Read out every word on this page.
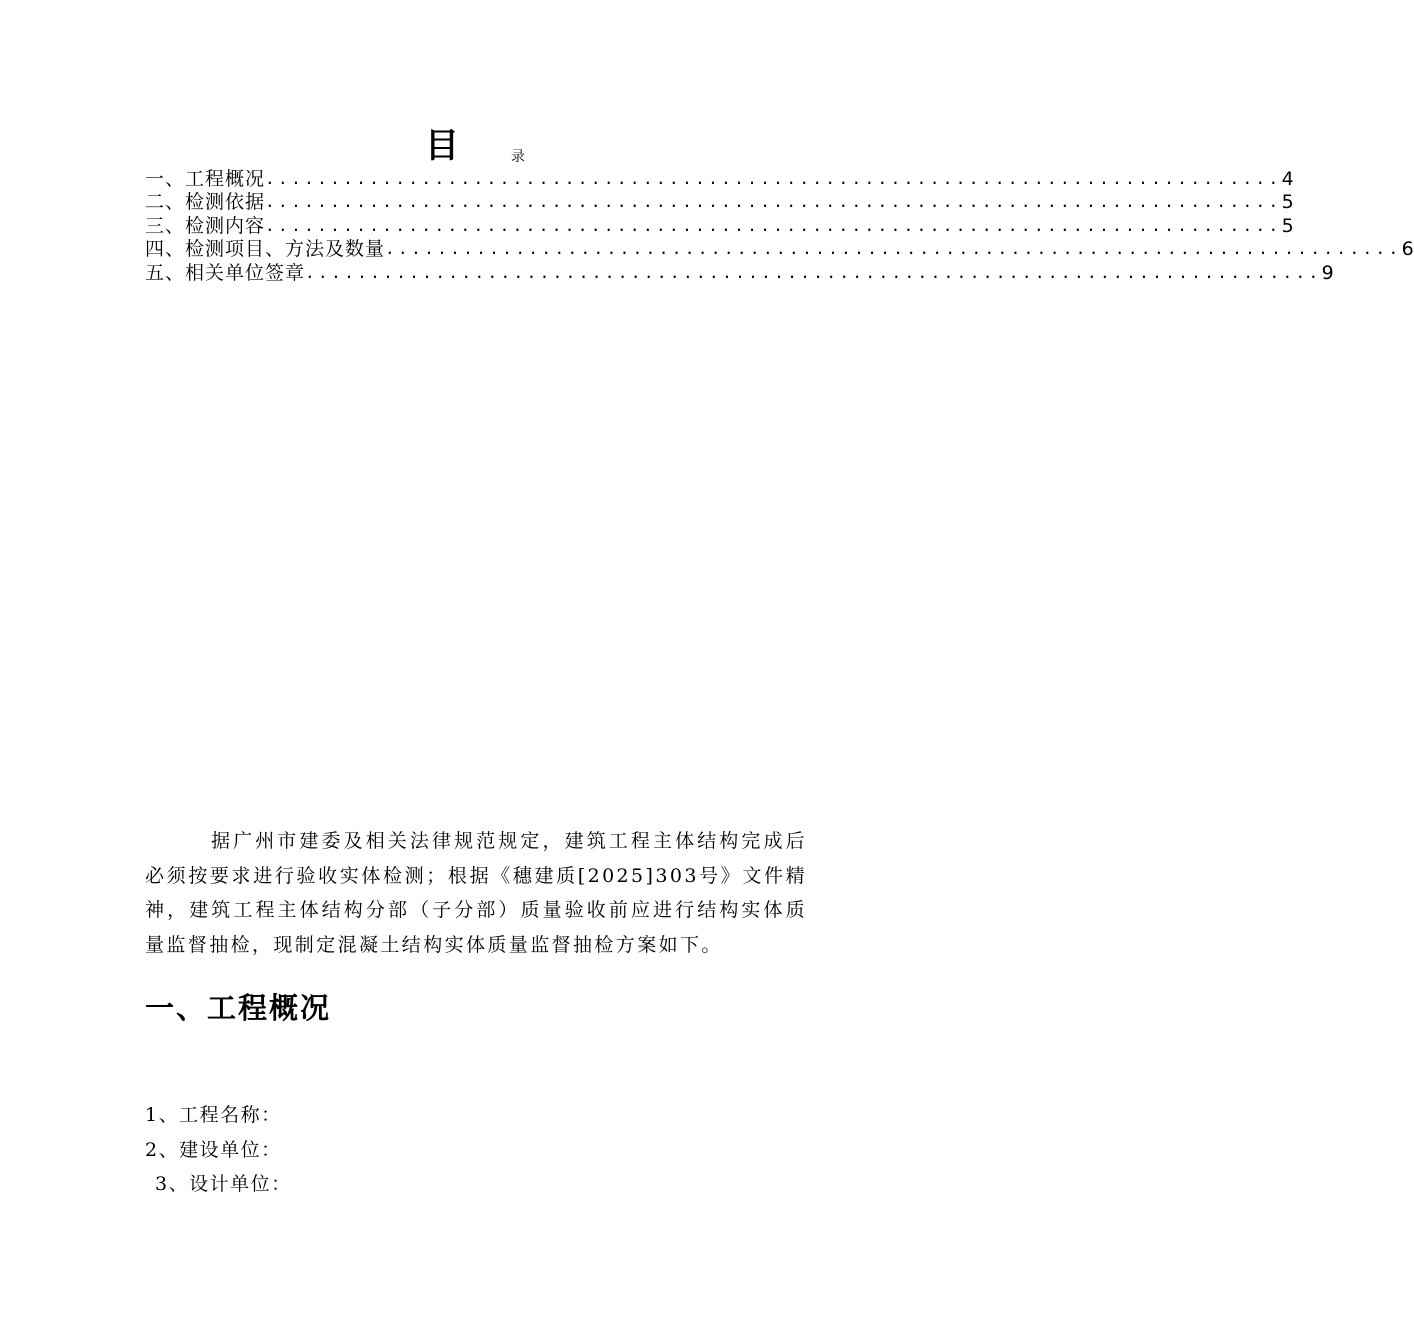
目	录
一、工程概况 .............................................................................. 4
二、检测依据 .............................................................................. 5
三、检测内容 .............................................................................. 5
四、检测项目、方法及数量 .............................................................................. 6
五、相关单位签章 .............................................................................. 9

据广州市建委及相关法律规范规定，建筑工程主体结构完成后必须按要求进行验收实体检测；根据《穗建质[2025]303号》文件精神，建筑工程主体结构分部（子分部）质量验收前应进行结构实体质量监督抽检，现制定混凝土结构实体质量监督抽检方案如下。

一、工程概况
1、工程名称：
2、建设单位：
3、设计单位：
